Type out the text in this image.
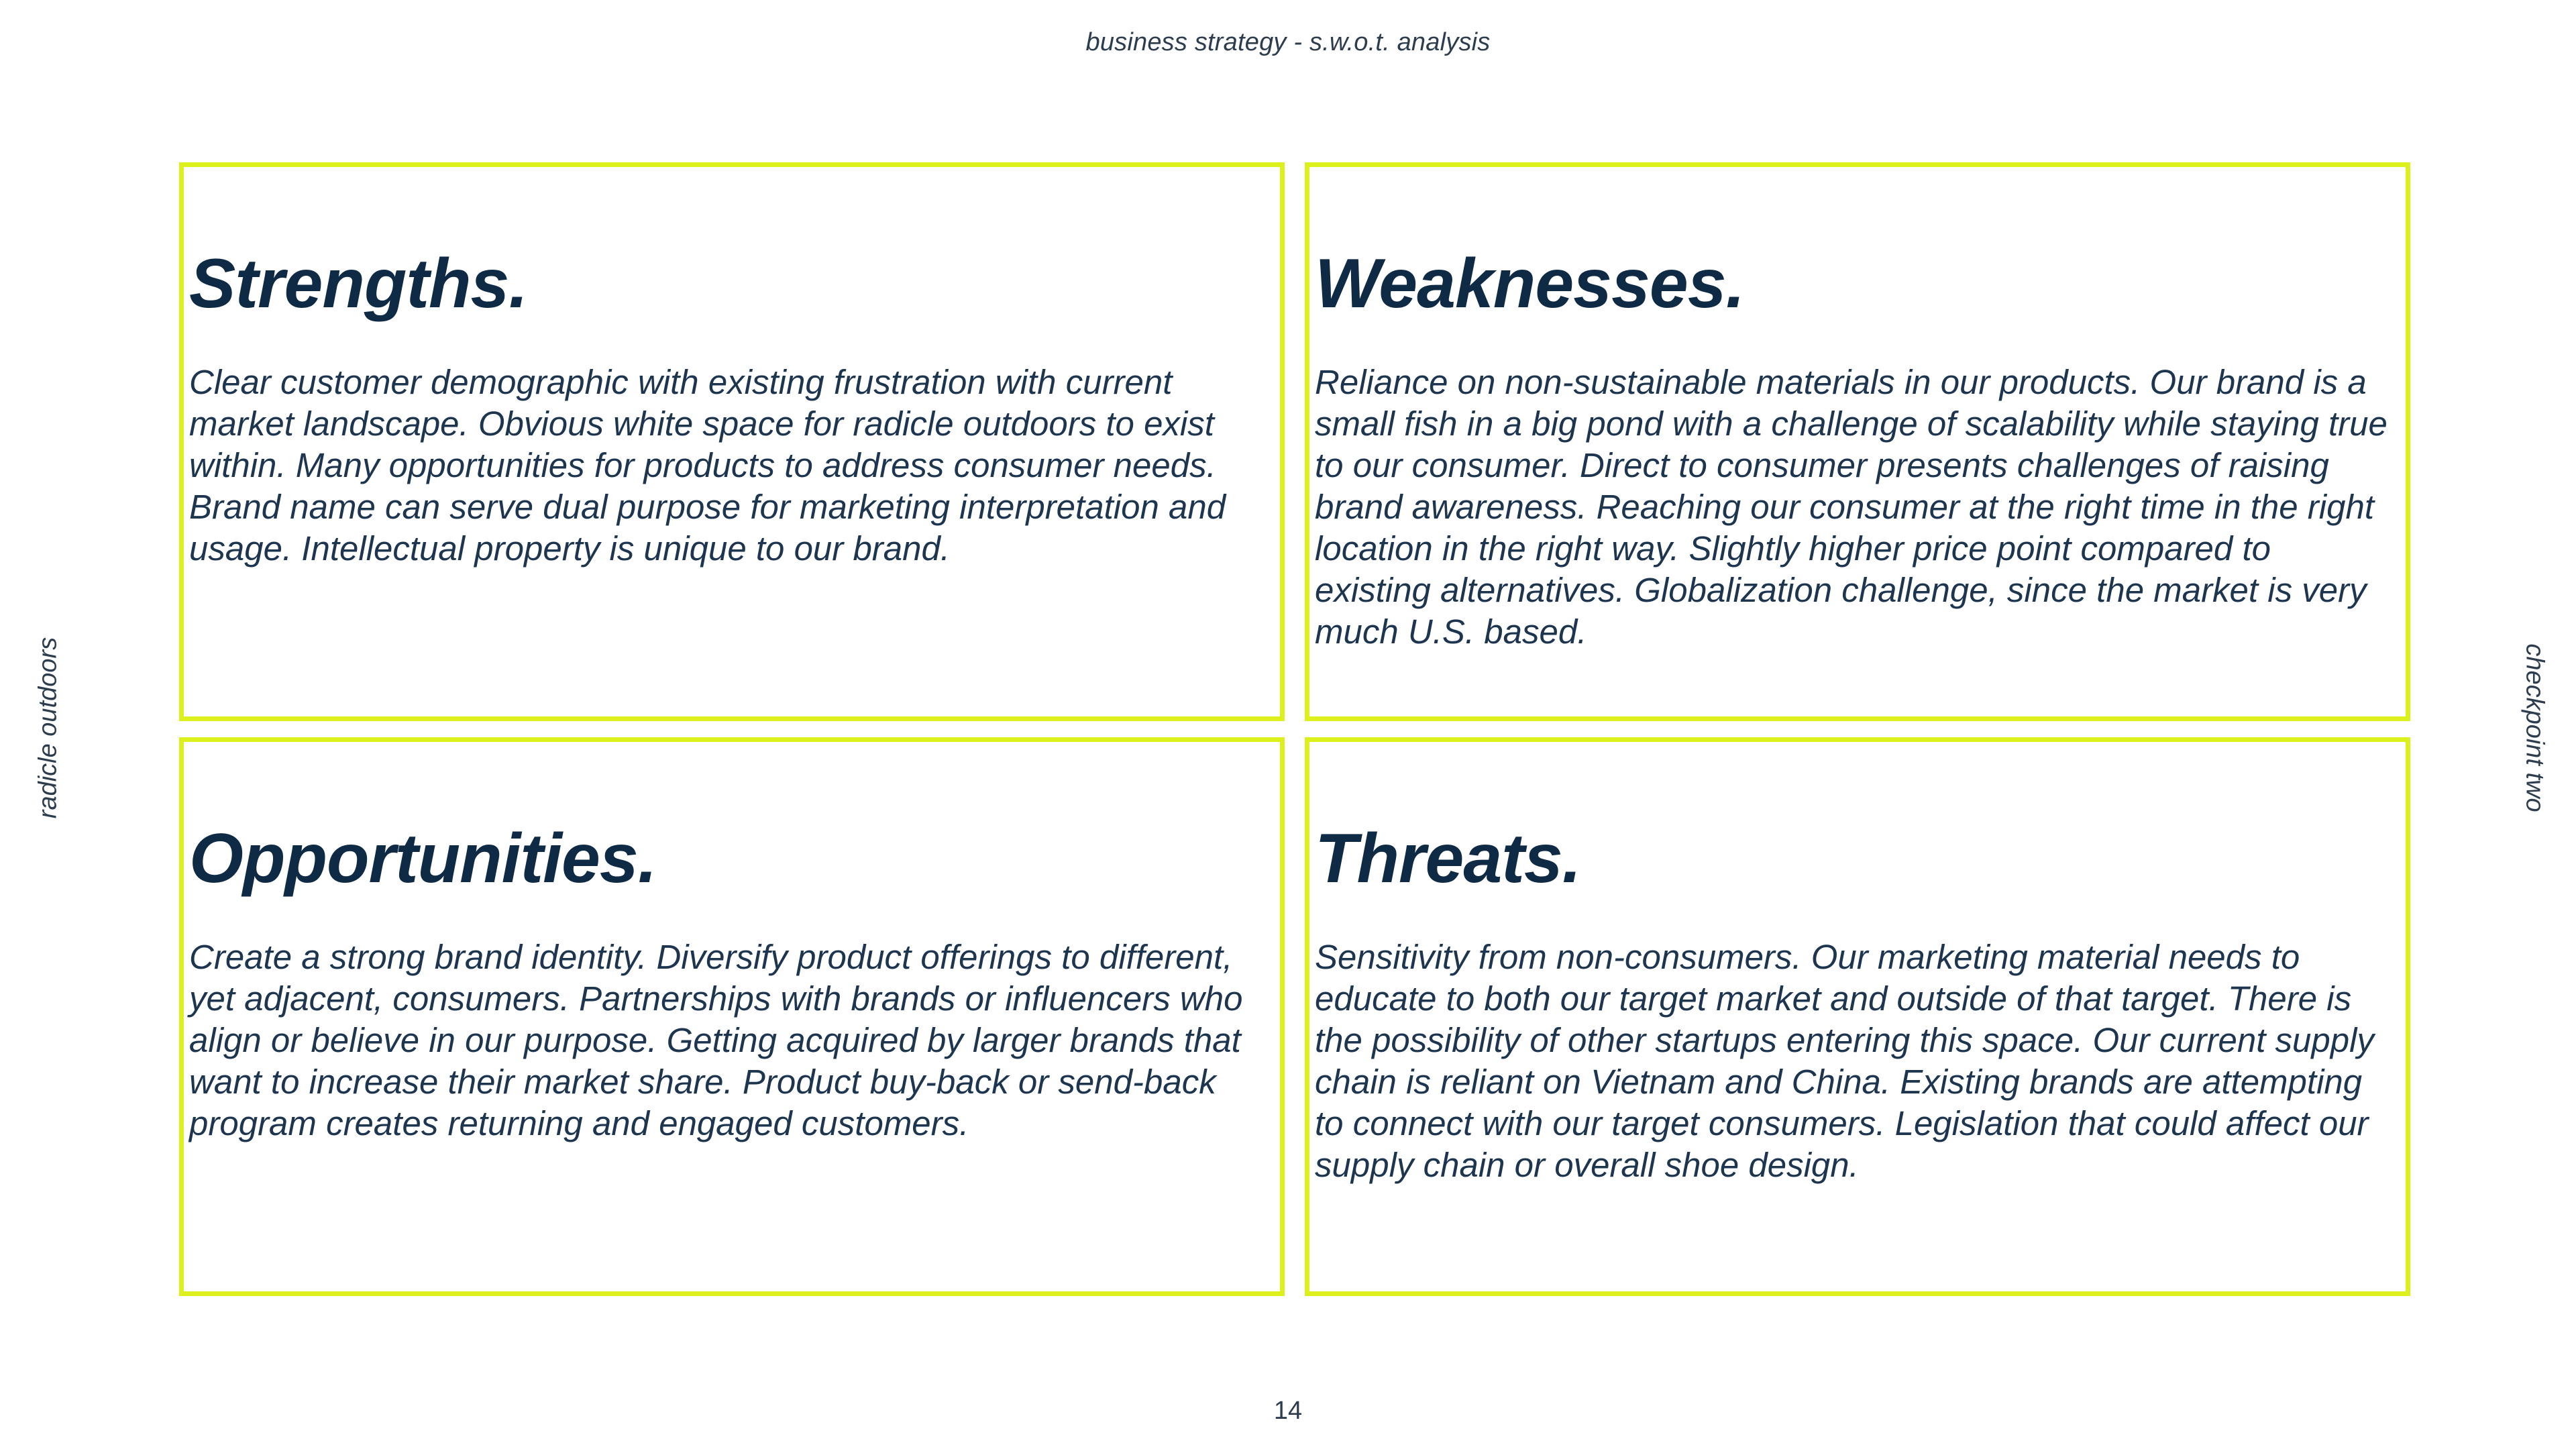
business strategy - s.w.o.t. analysis
radicle outdoors	checkpoint two
Strengths.

Clear customer demographic with existing frustration with current market landscape. Obvious white space for radicle outdoors to exist within. Many opportunities for products to address consumer needs. Brand name can serve dual purpose for marketing interpretation and usage. Intellectual property is unique to our brand.

Weaknesses.

Reliance on non-sustainable materials in our products. Our brand is a small fish in a big pond with a challenge of scalability while staying true to our consumer. Direct to consumer presents challenges of raising brand awareness. Reaching our consumer at the right time in the right location in the right way. Slightly higher price point compared to existing alternatives. Globalization challenge, since the market is very much U.S. based.

Opportunities.

Create a strong brand identity. Diversify product offerings to different, yet adjacent, consumers. Partnerships with brands or influencers who align or believe in our purpose. Getting acquired by larger brands that want to increase their market share. Product buy-back or send-back program creates returning and engaged customers.

Threats.

Sensitivity from non-consumers. Our marketing material needs to educate to both our target market and outside of that target. There is the possibility of other startups entering this space. Our current supply chain is reliant on Vietnam and China. Existing brands are attempting to connect with our target consumers. Legislation that could affect our supply chain or overall shoe design.

14
